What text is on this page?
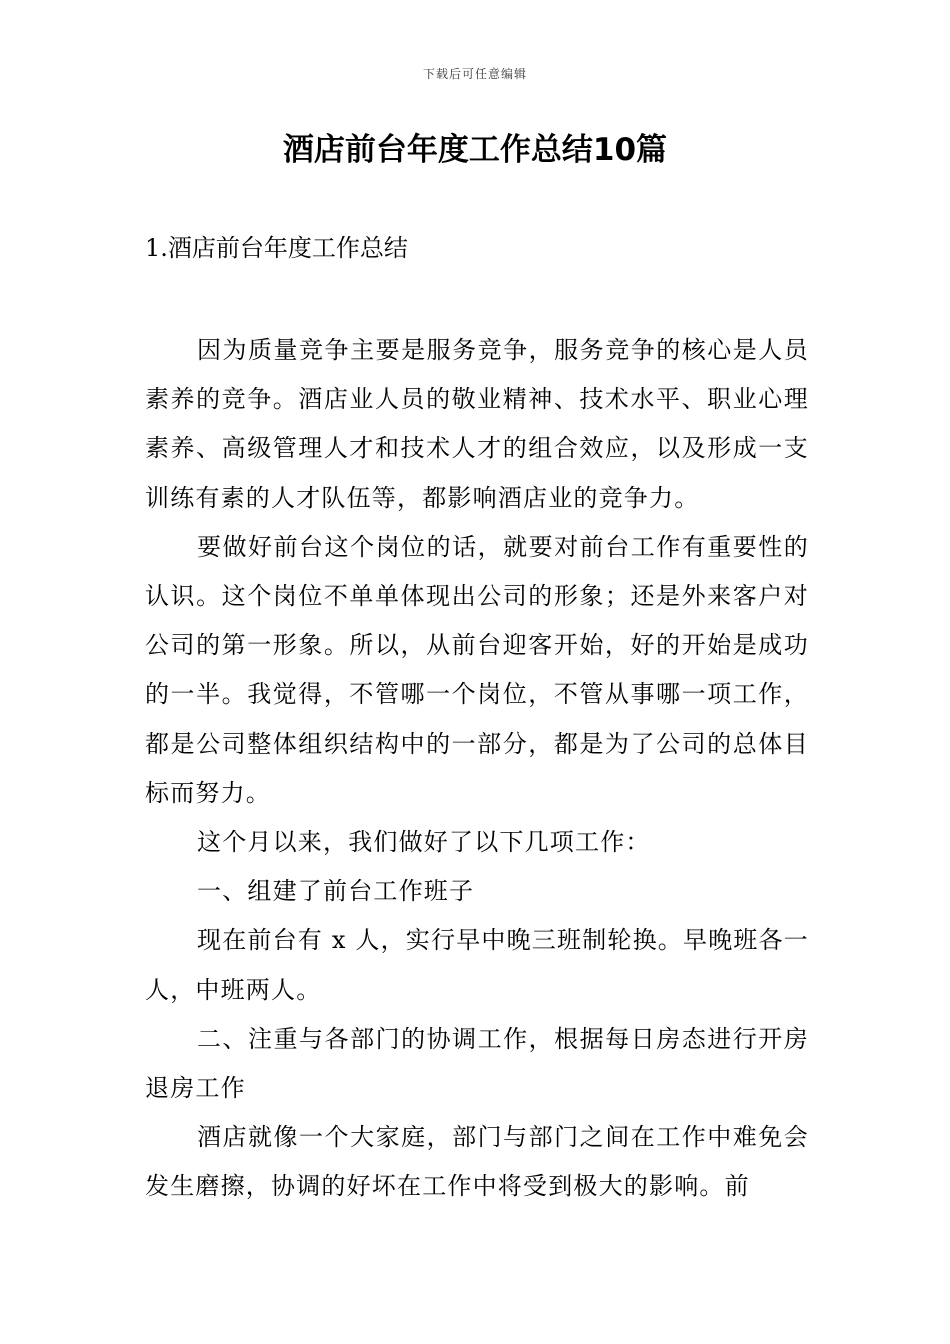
下载后可任意编辑
酒店前台年度工作总结10篇
1.酒店前台年度工作总结

因为质量竞争主要是服务竞争，服务竞争的核心是人员素养的竞争。酒店业人员的敬业精神、技术水平、职业心理素养、高级管理人才和技术人才的组合效应，以及形成一支训练有素的人才队伍等，都影响酒店业的竞争力。

要做好前台这个岗位的话，就要对前台工作有重要性的认识。这个岗位不单单体现出公司的形象；还是外来客户对公司的第一形象。所以，从前台迎客开始，好的开始是成功的一半。我觉得，不管哪一个岗位，不管从事哪一项工作，都是公司整体组织结构中的一部分，都是为了公司的总体目标而努力。

这个月以来，我们做好了以下几项工作：

一、组建了前台工作班子

现在前台有 x 人，实行早中晚三班制轮换。早晚班各一人，中班两人。

二、注重与各部门的协调工作，根据每日房态进行开房退房工作

酒店就像一个大家庭，部门与部门之间在工作中难免会发生磨擦，协调的好坏在工作中将受到极大的影响。前
